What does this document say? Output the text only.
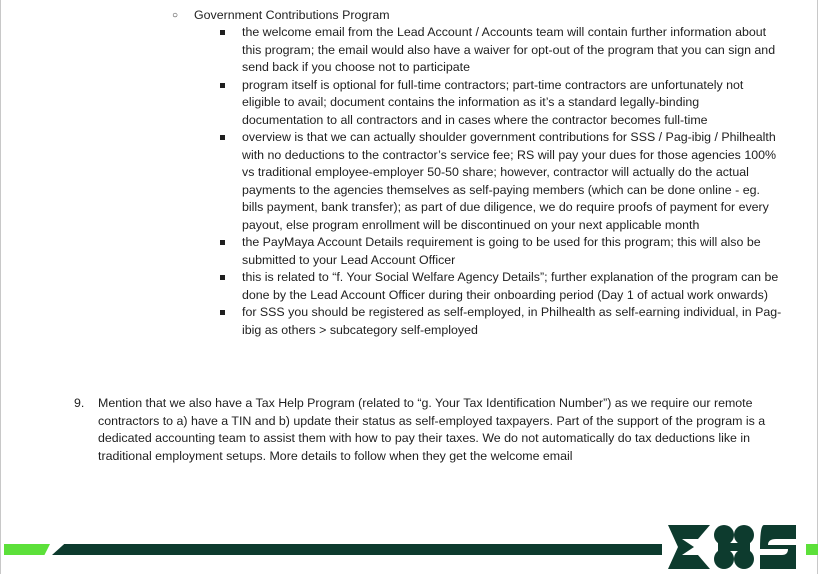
○ Government Contributions Program
the welcome email from the Lead Account / Accounts team will contain further information about this program; the email would also have a waiver for opt-out of the program that you can sign and send back if you choose not to participate
program itself is optional for full-time contractors; part-time contractors are unfortunately not eligible to avail; document contains the information as it’s a standard legally-binding documentation to all contractors and in cases where the contractor becomes full-time
overview is that we can actually shoulder government contributions for SSS / Pag-ibig / Philhealth with no deductions to the contractor’s service fee; RS will pay your dues for those agencies 100% vs traditional employee-employer 50-50 share; however, contractor will actually do the actual payments to the agencies themselves as self-paying members (which can be done online - eg. bills payment, bank transfer); as part of due diligence, we do require proofs of payment for every payout, else program enrollment will be discontinued on your next applicable month
the PayMaya Account Details requirement is going to be used for this program; this will also be submitted to your Lead Account Officer
this is related to “f. Your Social Welfare Agency Details”; further explanation of the program can be done by the Lead Account Officer during their onboarding period (Day 1 of actual work onwards)
for SSS you should be registered as self-employed, in Philhealth as self-earning individual, in Pag-ibig as others > subcategory self-employed
9. Mention that we also have a Tax Help Program (related to “g. Your Tax Identification Number”) as we require our remote contractors to a) have a TIN and b) update their status as self-employed taxpayers. Part of the support of the program is a dedicated accounting team to assist them with how to pay their taxes. We do not automatically do tax deductions like in traditional employment setups. More details to follow when they get the welcome email
